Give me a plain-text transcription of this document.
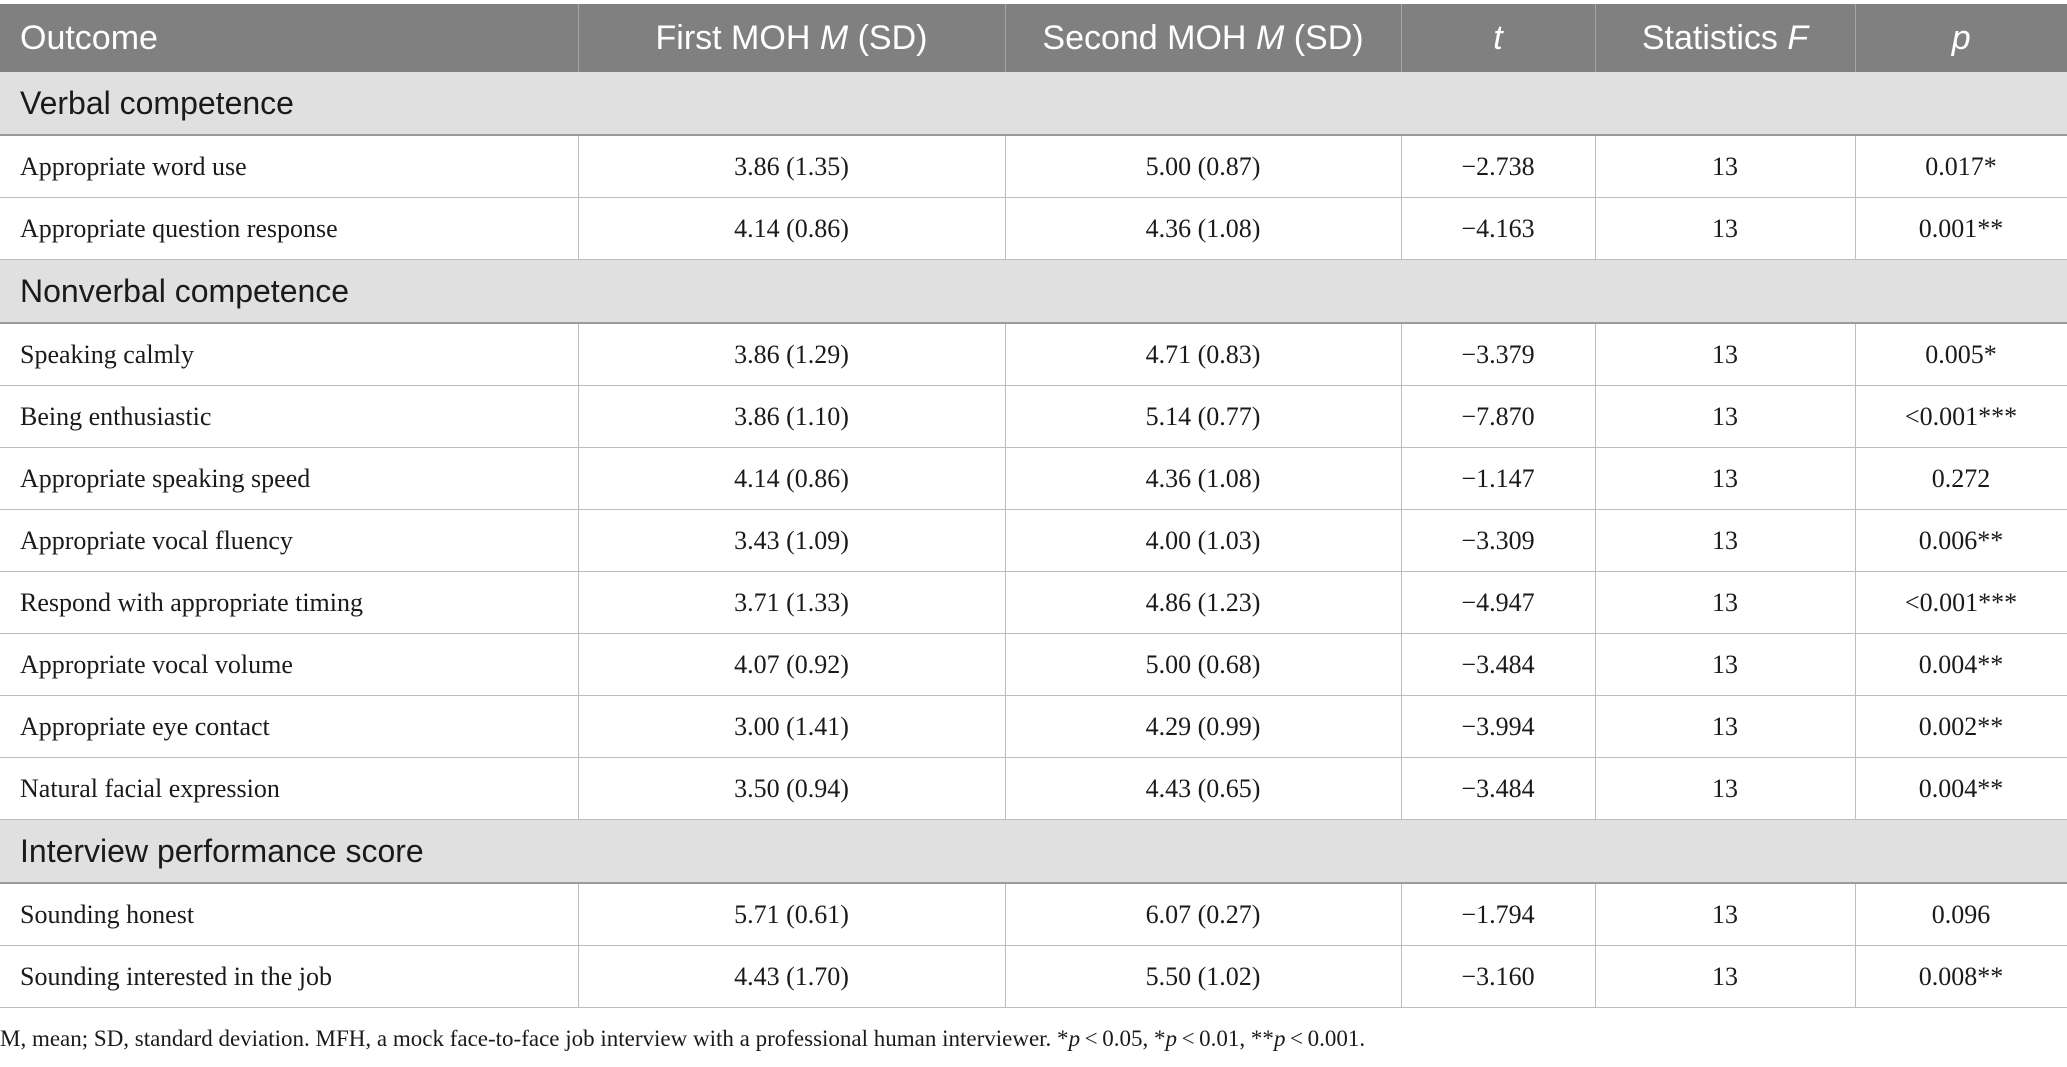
Outcome	First MOH M (SD)	Second MOH M (SD)	t	Statistics F	p
Verbal competence					
Appropriate word use	3.86 (1.35)	5.00 (0.87)	−2.738	13	0.017*
Appropriate question response	4.14 (0.86)	4.36 (1.08)	−4.163	13	0.001**
Nonverbal competence					
Speaking calmly	3.86 (1.29)	4.71 (0.83)	−3.379	13	0.005*
Being enthusiastic	3.86 (1.10)	5.14 (0.77)	−7.870	13	<0.001***
Appropriate speaking speed	4.14 (0.86)	4.36 (1.08)	−1.147	13	0.272
Appropriate vocal fluency	3.43 (1.09)	4.00 (1.03)	−3.309	13	0.006**
Respond with appropriate timing	3.71 (1.33)	4.86 (1.23)	−4.947	13	<0.001***
Appropriate vocal volume	4.07 (0.92)	5.00 (0.68)	−3.484	13	0.004**
Appropriate eye contact	3.00 (1.41)	4.29 (0.99)	−3.994	13	0.002**
Natural facial expression	3.50 (0.94)	4.43 (0.65)	−3.484	13	0.004**
Interview performance score					
Sounding honest	5.71 (0.61)	6.07 (0.27)	−1.794	13	0.096
Sounding interested in the job	4.43 (1.70)	5.50 (1.02)	−3.160	13	0.008**
M, mean; SD, standard deviation. MFH, a mock face-to-face job interview with a professional human interviewer. *p < 0.05, *p < 0.01, **p < 0.001.
